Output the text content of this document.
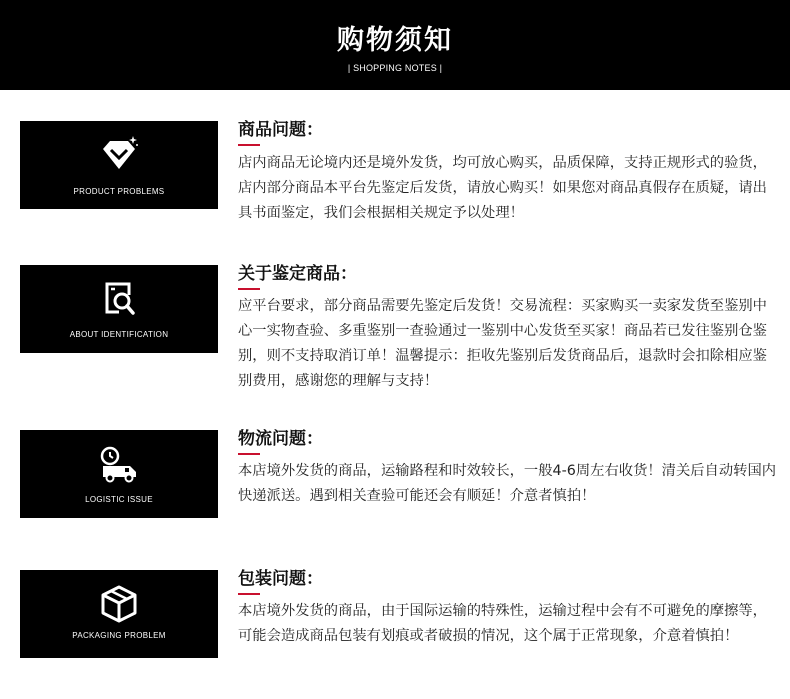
购物须知
| SHOPPING NOTES |
PRODUCT PROBLEMS
商品问题：

店内商品无论境内还是境外发货，均可放心购买，品质保障，支持正规形式的验货，店内部分商品本平台先鉴定后发货，请放心购买！如果您对商品真假存在质疑，请出具书面鉴定，我们会根据相关规定予以处理！

ABOUT IDENTIFICATION
关于鉴定商品：

应平台要求，部分商品需要先鉴定后发货！交易流程：买家购买一卖家发货至鉴别中心一实物查验、多重鉴别一查验通过一鉴别中心发货至买家！商品若已发往鉴别仓鉴别，则不支持取消订单！温馨提示：拒收先鉴别后发货商品后，退款时会扣除相应鉴别费用，感谢您的理解与支持！

LOGISTIC ISSUE
物流问题：

本店境外发货的商品，运输路程和时效较长，一般4-6周左右收货！清关后自动转国内快递派送。遇到相关查验可能还会有顺延！介意者慎拍！

PACKAGING PROBLEM
包装问题：

本店境外发货的商品，由于国际运输的特殊性，运输过程中会有不可避免的摩擦等，可能会造成商品包装有划痕或者破损的情况，这个属于正常现象，介意着慎拍！
